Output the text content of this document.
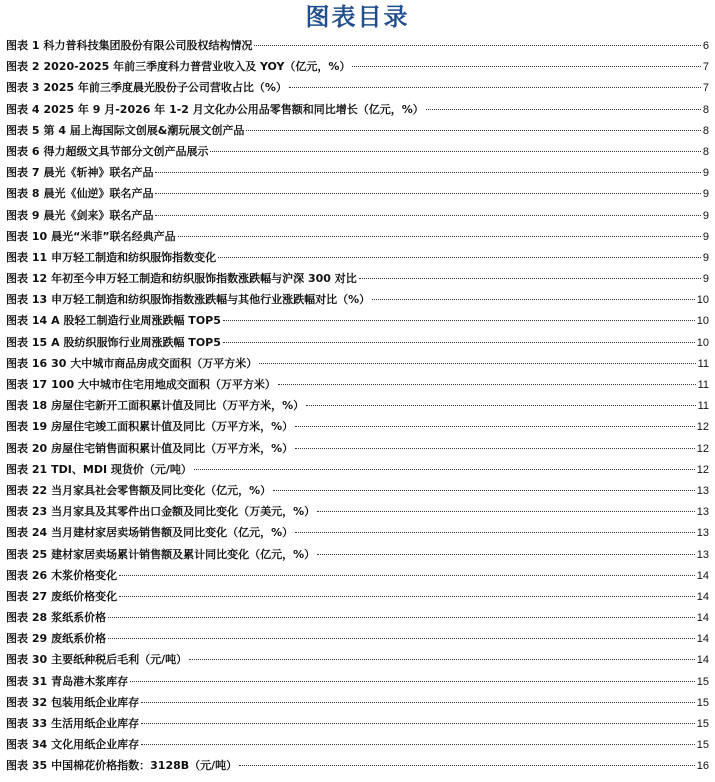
图表目录
图表 1 科力普科技集团股份有限公司股权结构情况	6
图表 2 2020-2025 年前三季度科力普营业收入及 YOY（亿元，%）	7
图表 3 2025 年前三季度晨光股份子公司营收占比（%）	7
图表 4 2025 年 9 月-2026 年 1-2 月文化办公用品零售额和同比增长（亿元，%）	8
图表 5 第 4 届上海国际文创展&潮玩展文创产品	8
图表 6 得力超级文具节部分文创产品展示	8
图表 7 晨光《斩神》联名产品	9
图表 8 晨光《仙逆》联名产品	9
图表 9 晨光《剑来》联名产品	9
图表 10 晨光“米菲”联名经典产品	9
图表 11 申万轻工制造和纺织服饰指数变化	9
图表 12 年初至今申万轻工制造和纺织服饰指数涨跌幅与沪深 300 对比	9
图表 13 申万轻工制造和纺织服饰指数涨跌幅与其他行业涨跌幅对比（%）	10
图表 14 A 股轻工制造行业周涨跌幅 TOP5	10
图表 15 A 股纺织服饰行业周涨跌幅 TOP5	10
图表 16 30 大中城市商品房成交面积（万平方米）	11
图表 17 100 大中城市住宅用地成交面积（万平方米）	11
图表 18 房屋住宅新开工面积累计值及同比（万平方米，%）	11
图表 19 房屋住宅竣工面积累计值及同比（万平方米，%）	12
图表 20 房屋住宅销售面积累计值及同比（万平方米，%）	12
图表 21 TDI、MDI 现货价（元/吨）	12
图表 22 当月家具社会零售额及同比变化（亿元，%）	13
图表 23 当月家具及其零件出口金额及同比变化（万美元，%）	13
图表 24 当月建材家居卖场销售额及同比变化（亿元，%）	13
图表 25 建材家居卖场累计销售额及累计同比变化（亿元，%）	13
图表 26 木浆价格变化	14
图表 27 废纸价格变化	14
图表 28 浆纸系价格	14
图表 29 废纸系价格	14
图表 30 主要纸种税后毛利（元/吨）	14
图表 31 青岛港木浆库存	15
图表 32 包装用纸企业库存	15
图表 33 生活用纸企业库存	15
图表 34 文化用纸企业库存	15
图表 35 中国棉花价格指数：3128B（元/吨）	16
